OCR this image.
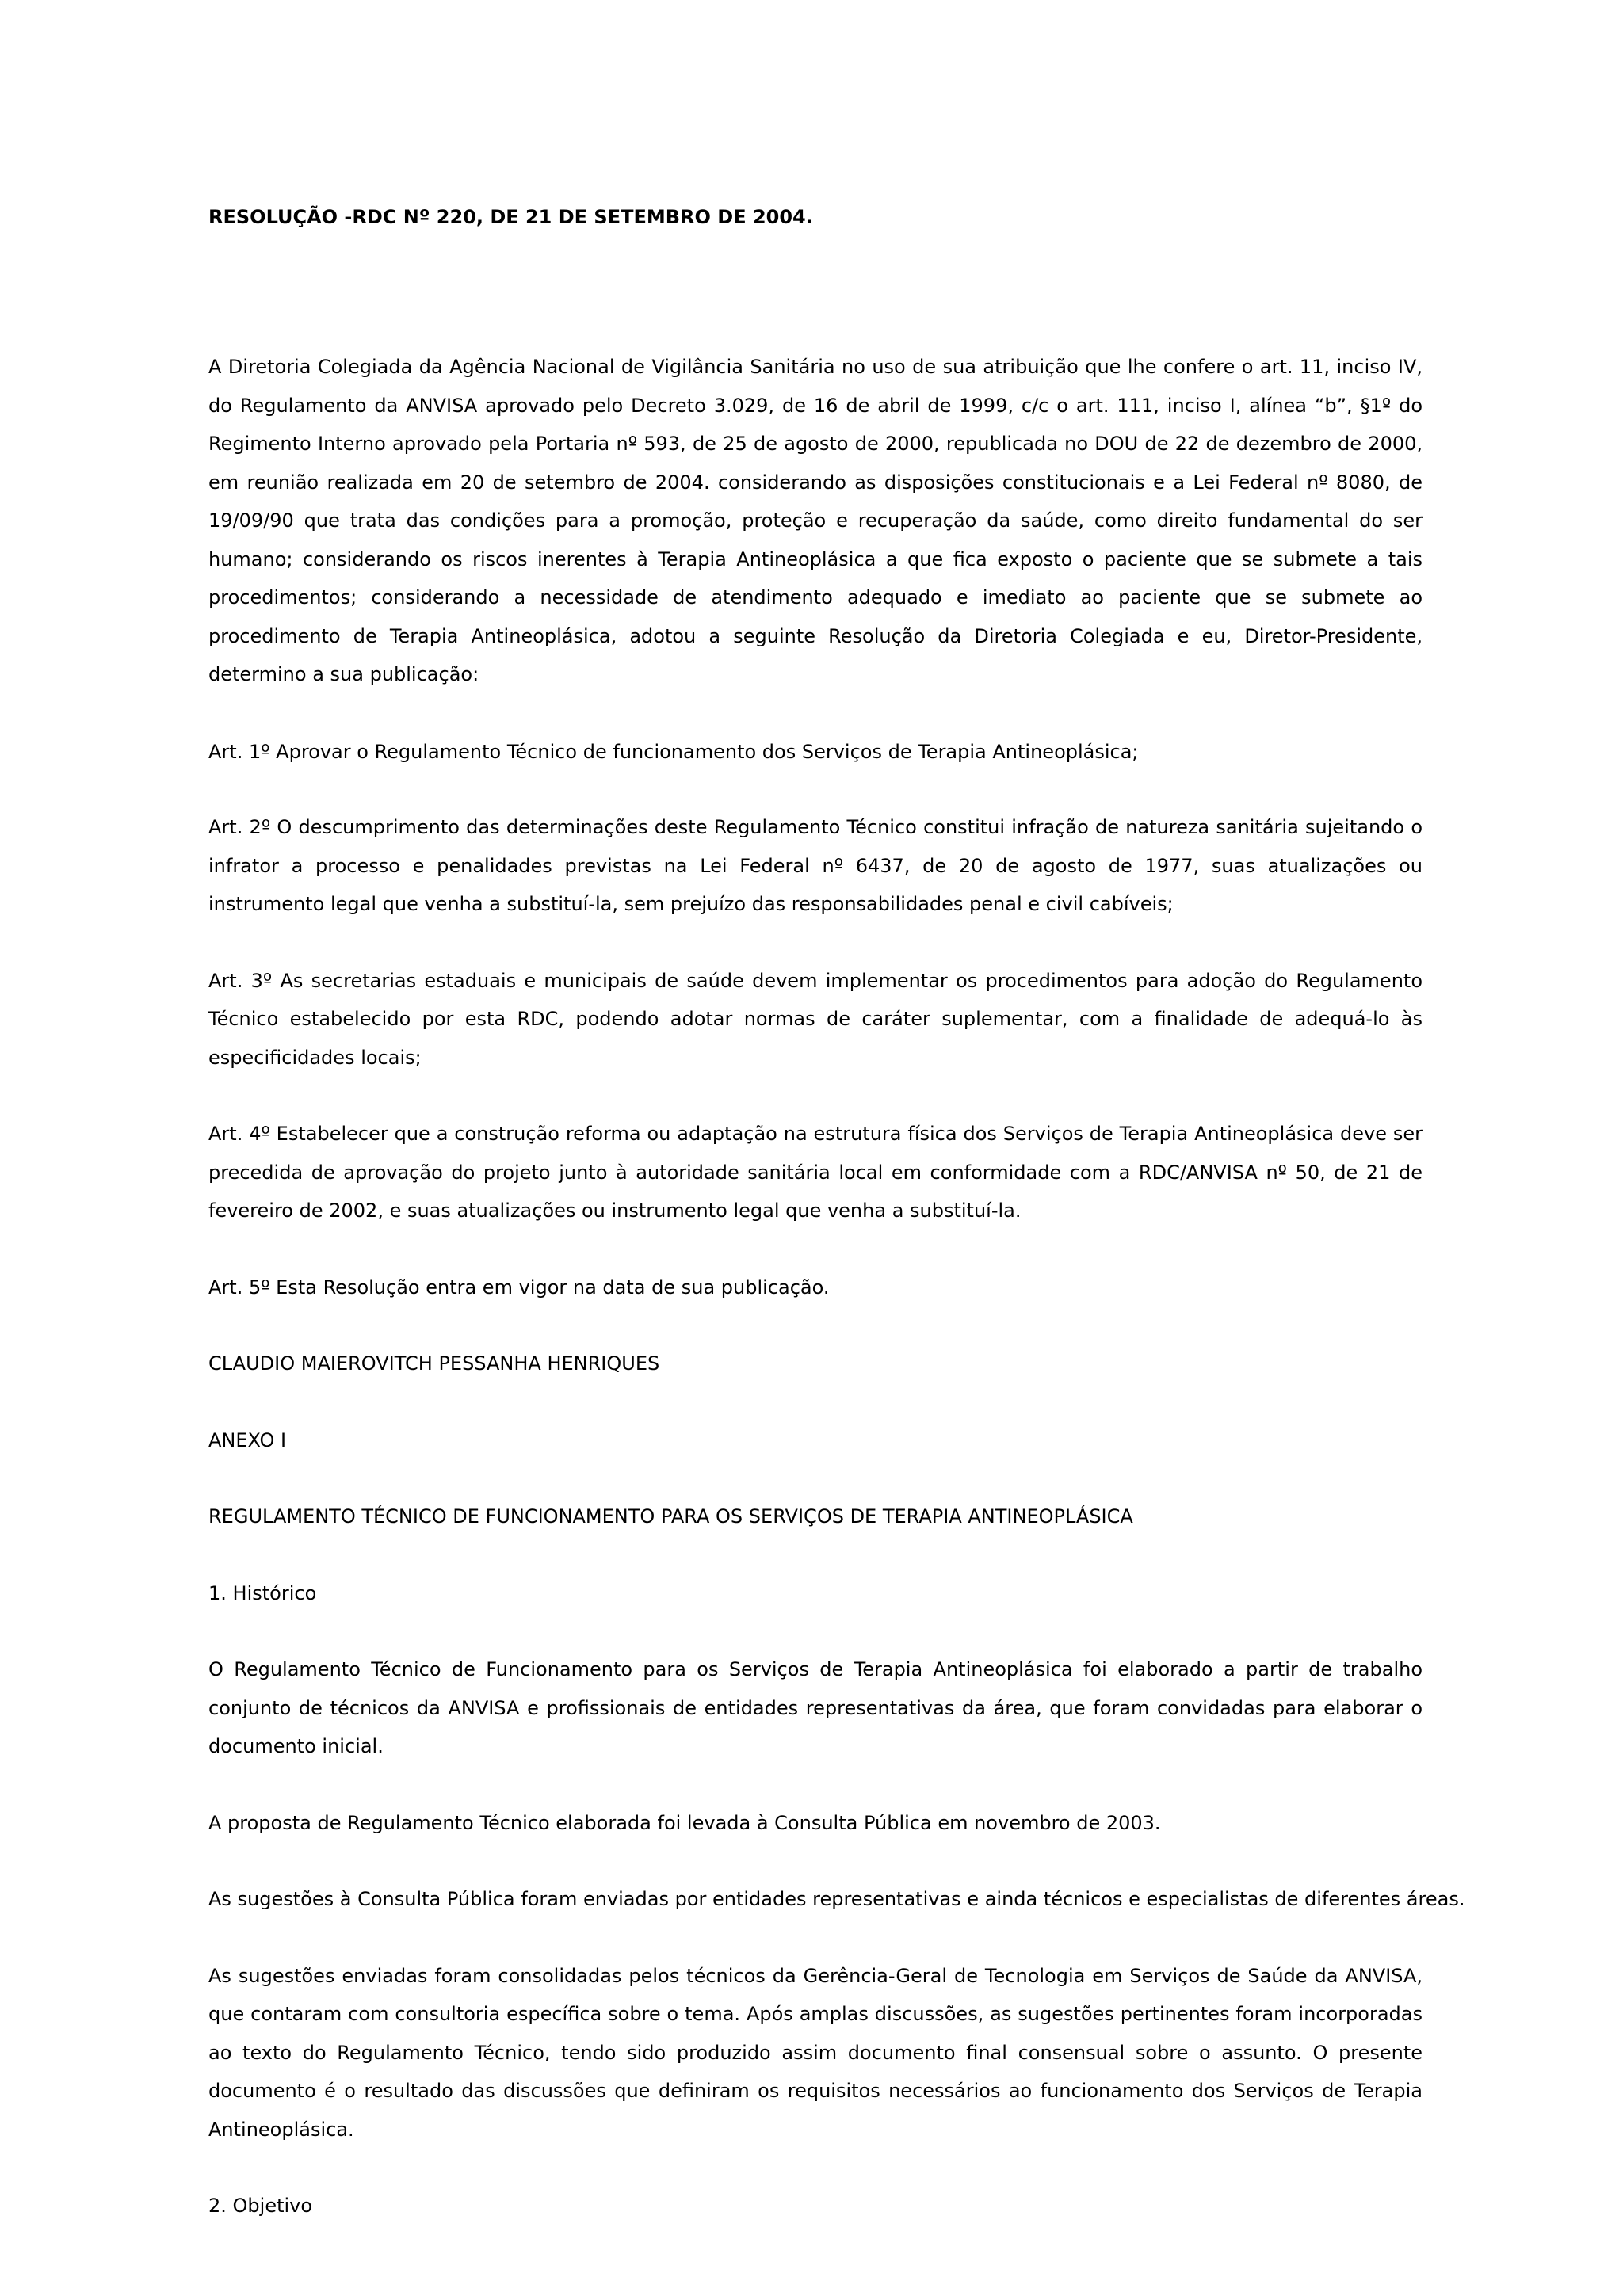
RESOLUÇÃO -RDC Nº 220, DE 21 DE SETEMBRO DE 2004.

A Diretoria Colegiada da Agência Nacional de Vigilância Sanitária no uso de sua atribuição que lhe confere o art. 11, inciso IV, do Regulamento da ANVISA aprovado pelo Decreto 3.029, de 16 de abril de 1999, c/c o art. 111, inciso I, alínea “b”, §1º do Regimento Interno aprovado pela Portaria nº 593, de 25 de agosto de 2000, republicada no DOU de 22 de dezembro de 2000, em reunião realizada em 20 de setembro de 2004. considerando as disposições constitucionais e a Lei Federal nº 8080, de 19/09/90 que trata das condições para a promoção, proteção e recuperação da saúde, como direito fundamental do ser humano; considerando os riscos inerentes à Terapia Antineoplásica a que fica exposto o paciente que se submete a tais procedimentos; considerando a necessidade de atendimento adequado e imediato ao paciente que se submete ao procedimento de Terapia Antineoplásica, adotou a seguinte Resolução da Diretoria Colegiada e eu, Diretor-Presidente, determino a sua publicação:

Art. 1º Aprovar o Regulamento Técnico de funcionamento dos Serviços de Terapia Antineoplásica;

Art. 2º O descumprimento das determinações deste Regulamento Técnico constitui infração de natureza sanitária sujeitando o infrator a processo e penalidades previstas na Lei Federal nº 6437, de 20 de agosto de 1977, suas atualizações ou instrumento legal que venha a substituí-la, sem prejuízo das responsabilidades penal e civil cabíveis;

Art. 3º As secretarias estaduais e municipais de saúde devem implementar os procedimentos para adoção do Regulamento Técnico estabelecido por esta RDC, podendo adotar normas de caráter suplementar, com a finalidade de adequá-lo às especificidades locais;

Art. 4º Estabelecer que a construção reforma ou adaptação na estrutura física dos Serviços de Terapia Antineoplásica deve ser precedida de aprovação do projeto junto à autoridade sanitária local em conformidade com a RDC/ANVISA nº 50, de 21 de fevereiro de 2002, e suas atualizações ou instrumento legal que venha a substituí-la.

Art. 5º Esta Resolução entra em vigor na data de sua publicação.

CLAUDIO MAIEROVITCH PESSANHA HENRIQUES

ANEXO I

REGULAMENTO TÉCNICO DE FUNCIONAMENTO PARA OS SERVIÇOS DE TERAPIA ANTINEOPLÁSICA

1. Histórico

O Regulamento Técnico de Funcionamento para os Serviços de Terapia Antineoplásica foi elaborado a partir de trabalho conjunto de técnicos da ANVISA e profissionais de entidades representativas da área, que foram convidadas para elaborar o documento inicial.

A proposta de Regulamento Técnico elaborada foi levada à Consulta Pública em novembro de 2003.

As sugestões à Consulta Pública foram enviadas por entidades representativas e ainda técnicos e especialistas de diferentes áreas.

As sugestões enviadas foram consolidadas pelos técnicos da Gerência-Geral de Tecnologia em Serviços de Saúde da ANVISA, que contaram com consultoria específica sobre o tema. Após amplas discussões, as sugestões pertinentes foram incorporadas ao texto do Regulamento Técnico, tendo sido produzido assim documento final consensual sobre o assunto. O presente documento é o resultado das discussões que definiram os requisitos necessários ao funcionamento dos Serviços de Terapia Antineoplásica.

2. Objetivo
